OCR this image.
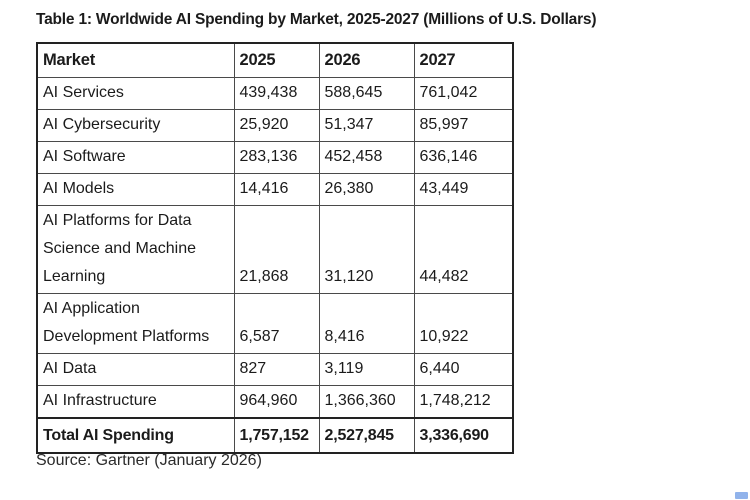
Table 1: Worldwide AI Spending by Market, 2025-2027 (Millions of U.S. Dollars)
Market	2025	2026	2027
AI Services	439,438	588,645	761,042
AI Cybersecurity	25,920	51,347	85,997
AI Software	283,136	452,458	636,146
AI Models	14,416	26,380	43,449
AI Platforms for Data Science and Machine Learning	21,868	31,120	44,482
AI Application Development Platforms	6,587	8,416	10,922
AI Data	827	3,119	6,440
AI Infrastructure	964,960	1,366,360	1,748,212
Total AI Spending	1,757,152	2,527,845	3,336,690
Source: Gartner (January 2026)
